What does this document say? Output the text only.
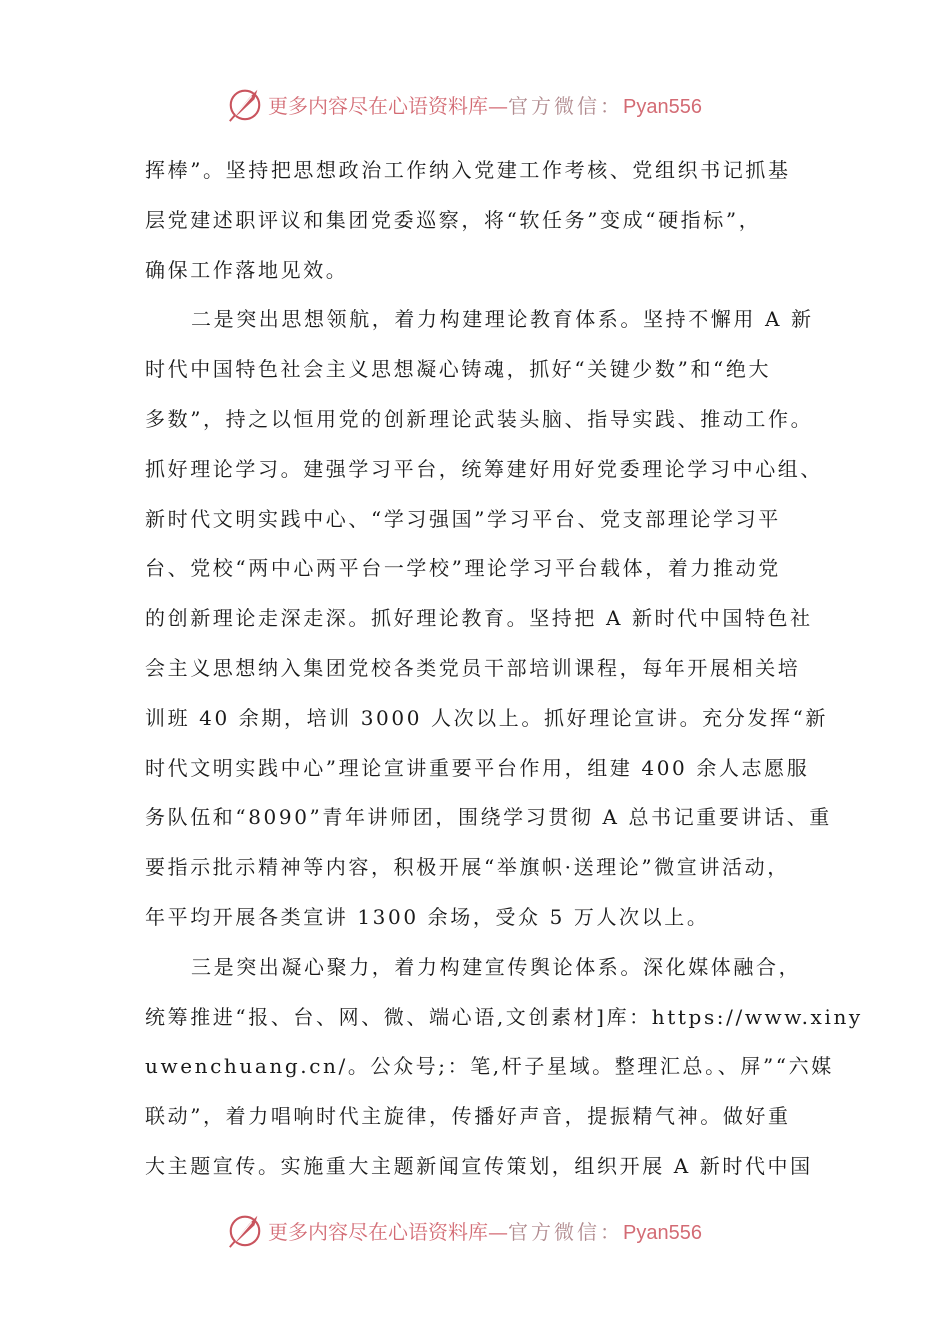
更多内容尽在心语资料库—官方微信：Pyan556
挥棒”。坚持把思想政治工作纳入党建工作考核、党组织书记抓基
层党建述职评议和集团党委巡察，将“软任务”变成“硬指标”，
确保工作落地见效。
二是突出思想领航，着力构建理论教育体系。坚持不懈用 A 新
时代中国特色社会主义思想凝心铸魂，抓好“关键少数”和“绝大
多数”，持之以恒用党的创新理论武装头脑、指导实践、推动工作。
抓好理论学习。建强学习平台，统筹建好用好党委理论学习中心组、
新时代文明实践中心、“学习强国”学习平台、党支部理论学习平
台、党校“两中心两平台一学校”理论学习平台载体，着力推动党
的创新理论走深走深。抓好理论教育。坚持把 A 新时代中国特色社
会主义思想纳入集团党校各类党员干部培训课程，每年开展相关培
训班 40 余期，培训 3000 人次以上。抓好理论宣讲。充分发挥“新
时代文明实践中心”理论宣讲重要平台作用，组建 400 余人志愿服
务队伍和“8090”青年讲师团，围绕学习贯彻 A 总书记重要讲话、重
要指示批示精神等内容，积极开展“举旗帜·送理论”微宣讲活动，
年平均开展各类宣讲 1300 余场，受众 5 万人次以上。
三是突出凝心聚力，着力构建宣传舆论体系。深化媒体融合，
统筹推进“报、台、网、微、端心语,文创素材]库：https://www.xiny
uwenchuang.cn/。公众号;：笔,杆子星域。整理汇总。、屏”“六媒
联动”，着力唱响时代主旋律，传播好声音，提振精气神。做好重
大主题宣传。实施重大主题新闻宣传策划，组织开展 A 新时代中国
更多内容尽在心语资料库—官方微信：Pyan556
